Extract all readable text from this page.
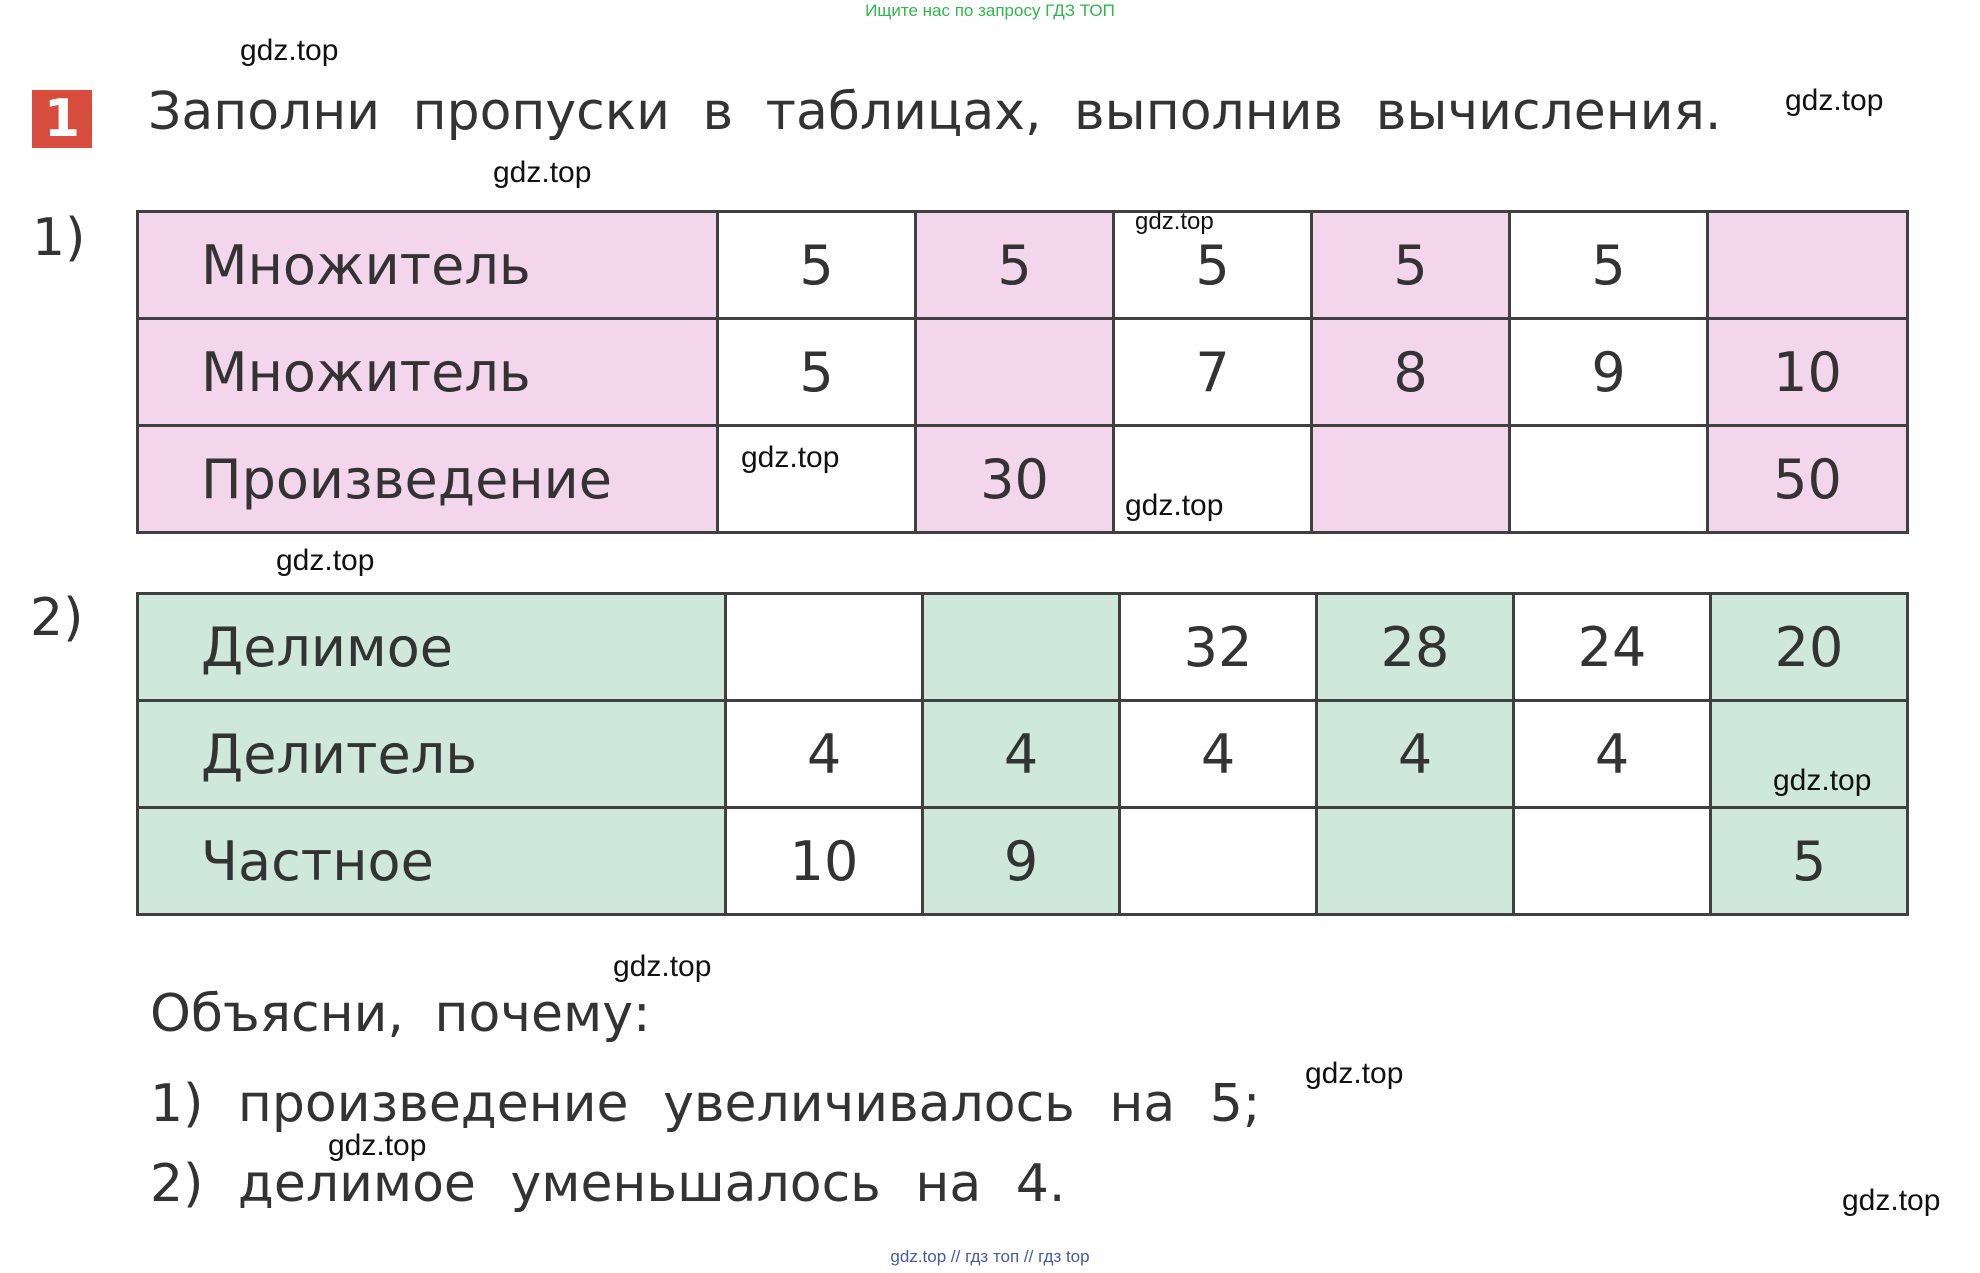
Ищите нас по запросу ГДЗ ТОП
1 Заполни пропуски в таблицах, выполнив вычисления.
1) Множитель	5	5	5	5	5	
Множитель	5		7	8	9	10
Произведение		30				50
2) Делимое			32	28	24	20
Делитель	4	4	4	4	4	
Частное	10	9				5
Объясни, почему:
1) произведение увеличивалось на 5;
2) делимое уменьшалось на 4.
gdz.top
gdz.top
gdz.top
gdz.top
gdz.top
gdz.top
gdz.top
gdz.top
gdz.top
gdz.top
gdz.top
gdz.top
gdz.top // гдз топ // гдз top
